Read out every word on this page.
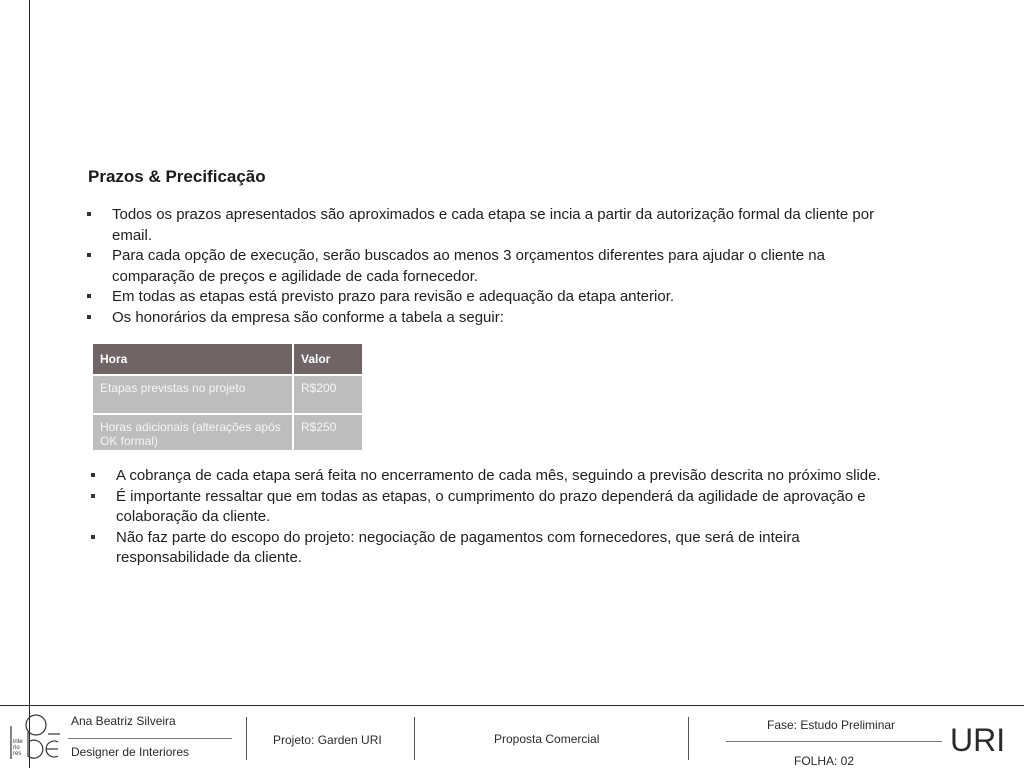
Prazos & Precificação
Todos os prazos apresentados são aproximados e cada etapa se incia a partir da autorização formal da cliente por email.
Para cada opção de execução, serão buscados ao menos 3 orçamentos diferentes para ajudar o cliente na comparação de preços e agilidade de cada fornecedor.
Em todas as etapas está previsto prazo para revisão e adequação da etapa anterior.
Os honorários da empresa são conforme a tabela a seguir:
Hora	Valor
Etapas previstas no projeto	R$200
Horas adicionais (alterações após OK formal)	R$250
A cobrança de cada etapa será feita no encerramento de cada mês, seguindo a previsão descrita no próximo slide.
É importante ressaltar que em todas as etapas, o cumprimento do prazo dependerá da agilidade de aprovação e colaboração da cliente.
Não faz parte do escopo do projeto: negociação de pagamentos com fornecedores, que será de inteira responsabilidade da cliente.
inte
rio
res
Ana Beatriz Silveira
Designer de Interiores
Projeto: Garden URI	Proposta Comercial
Fase: Estudo Preliminar
FOLHA: 02
URI
